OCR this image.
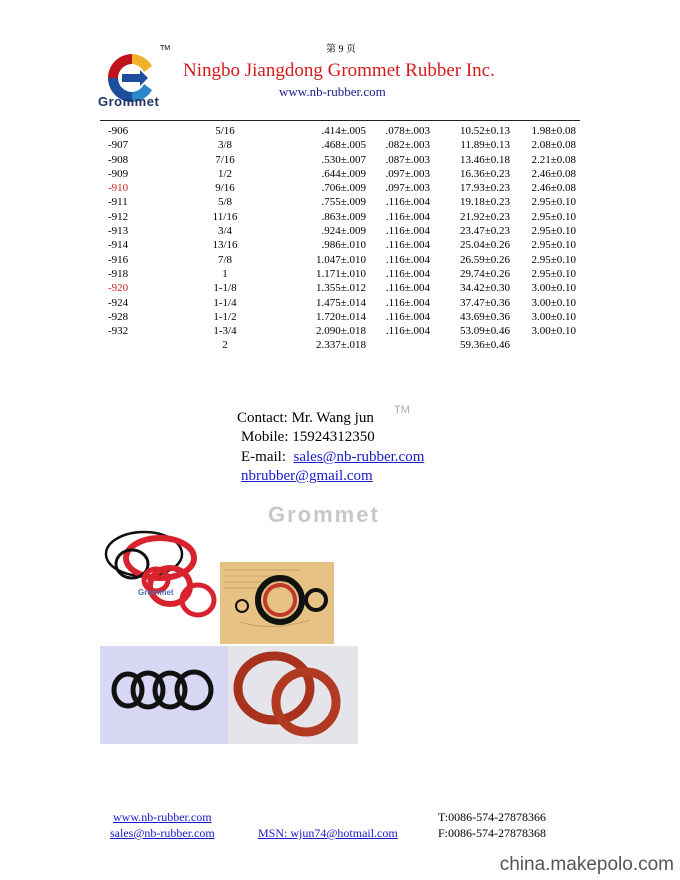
第 9 页
TM
Grommet
Ningbo Jiangdong Grommet Rubber Inc.
www.nb-rubber.com
-906	5/16	.414±.005	.078±.003	10.52±0.13	1.98±0.08
-907	3/8	.468±.005	.082±.003	11.89±0.13	2.08±0.08
-908	7/16	.530±.007	.087±.003	13.46±0.18	2.21±0.08
-909	1/2	.644±.009	.097±.003	16.36±0.23	2.46±0.08
-910	9/16	.706±.009	.097±.003	17.93±0.23	2.46±0.08
-911	5/8	.755±.009	.116±.004	19.18±0.23	2.95±0.10
-912	11/16	.863±.009	.116±.004	21.92±0.23	2.95±0.10
-913	3/4	.924±.009	.116±.004	23.47±0.23	2.95±0.10
-914	13/16	.986±.010	.116±.004	25.04±0.26	2.95±0.10
-916	7/8	1.047±.010	.116±.004	26.59±0.26	2.95±0.10
-918	1	1.171±.010	.116±.004	29.74±0.26	2.95±0.10
-920	1-1/8	1.355±.012	.116±.004	34.42±0.30	3.00±0.10
-924	1-1/4	1.475±.014	.116±.004	37.47±0.36	3.00±0.10
-928	1-1/2	1.720±.014	.116±.004	43.69±0.36	3.00±0.10
-932	1-3/4	2.090±.018	.116±.004	53.09±0.46	3.00±0.10
	2	2.337±.018		59.36±0.46	
Contact: Mr. Wang jun TM
Mobile: 15924312350
E-mail: sales@nb-rubber.com
nbrubber@gmail.com
Grommet
Grommet
www.nb-rubber.com
sales@nb-rubber.com	MSN: wjun74@hotmail.com
T:0086-574-27878366
F:0086-574-27878368
china.makepolo.com
